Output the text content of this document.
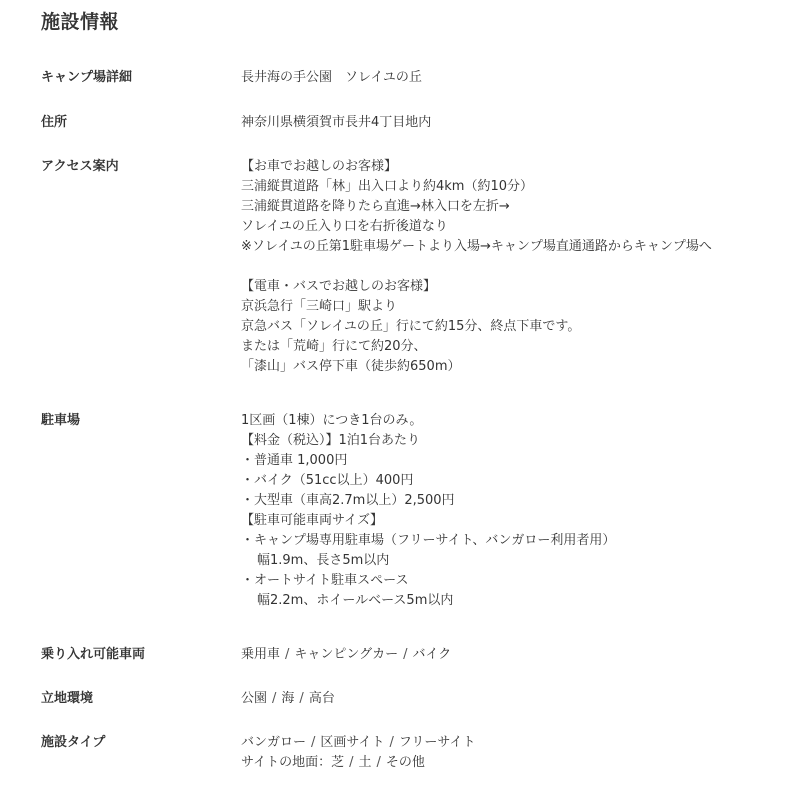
施設情報

キャンプ場詳細	長井海の手公園　ソレイユの丘

住所	神奈川県横須賀市長井4丁目地内

アクセス案内	【お車でお越しのお客様】
三浦縦貫道路「林」出入口より約4km（約10分）
三浦縦貫道路を降りたら直進→林入口を左折→
ソレイユの丘入り口を右折後道なり
※ソレイユの丘第1駐車場ゲートより入場→キャンプ場直通通路からキャンプ場へ
【電車・バスでお越しのお客様】
京浜急行「三崎口」駅より
京急バス「ソレイユの丘」行にて約15分、終点下車です。
または「荒崎」行にて約20分、
「漆山」バス停下車（徒歩約650m）

駐車場	1区画（1棟）につき1台のみ。
【料金（税込）】1泊1台あたり
・普通車 1,000円
・バイク（51cc以上）400円
・大型車（車高2.7m以上）2,500円
【駐車可能車両サイズ】
・キャンプ場専用駐車場（フリーサイト、バンガロー利用者用）
幅1.9m、長さ5m以内
・オートサイト駐車スペース
幅2.2m、ホイールベース5m以内

乗り入れ可能車両	乗用車 / キャンピングカー / バイク

立地環境	公園 / 海 / 高台

施設タイプ	バンガロー / 区画サイト / フリーサイト
サイトの地面：芝 / 土 / その他
